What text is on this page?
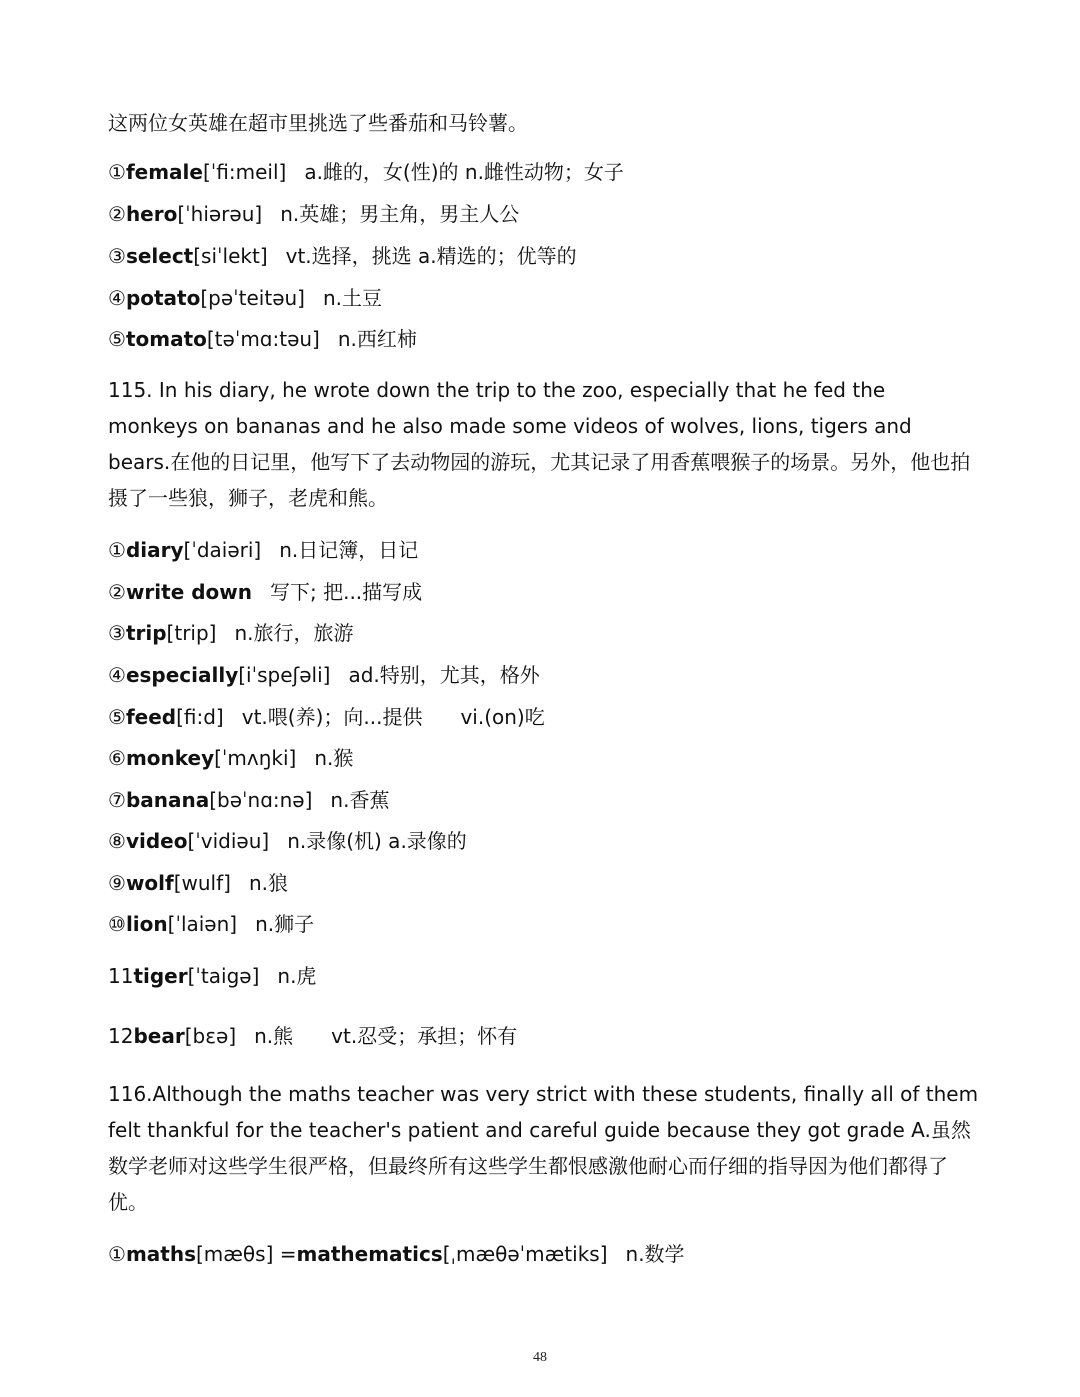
这两位女英雄在超市里挑选了些番茄和马铃薯。
①female[ˈfi:meil] a.雌的，女(性)的 n.雌性动物；女子
②hero[ˈhiərəu] n.英雄；男主角，男主人公
③select[siˈlekt] vt.选择，挑选 a.精选的；优等的
④potato[pəˈteitəu] n.土豆
⑤tomato[təˈmɑ:təu] n.西红柿
115. In his diary, he wrote down the trip to the zoo, especially that he fed the monkeys on bananas and he also made some videos of wolves, lions, tigers and bears.在他的日记里，他写下了去动物园的游玩，尤其记录了用香蕉喂猴子的场景。另外，他也拍摄了一些狼，狮子，老虎和熊。
①diary[ˈdaiəri] n.日记簿，日记
②write down 写下; 把...描写成
③trip[trip] n.旅行，旅游
④especially[iˈspeʃəli] ad.特别，尤其，格外
⑤feed[fi:d] vt.喂(养)；向...提供 vi.(on)吃
⑥monkey[ˈmʌŋki] n.猴
⑦banana[bəˈnɑ:nə] n.香蕉
⑧video[ˈvidiəu] n.录像(机) a.录像的
⑨wolf[wulf] n.狼
⑩lion[ˈlaiən] n.狮子
11tiger[ˈtaigə] n.虎
12bear[bεə] n.熊 vt.忍受；承担；怀有
116.Although the maths teacher was very strict with these students, finally all of them felt thankful for the teacher's patient and careful guide because they got grade A.虽然数学老师对这些学生很严格，但最终所有这些学生都恨感激他耐心而仔细的指导因为他们都得了优。
①maths[mæθs] =mathematics[ˌmæθəˈmætiks] n.数学
48
